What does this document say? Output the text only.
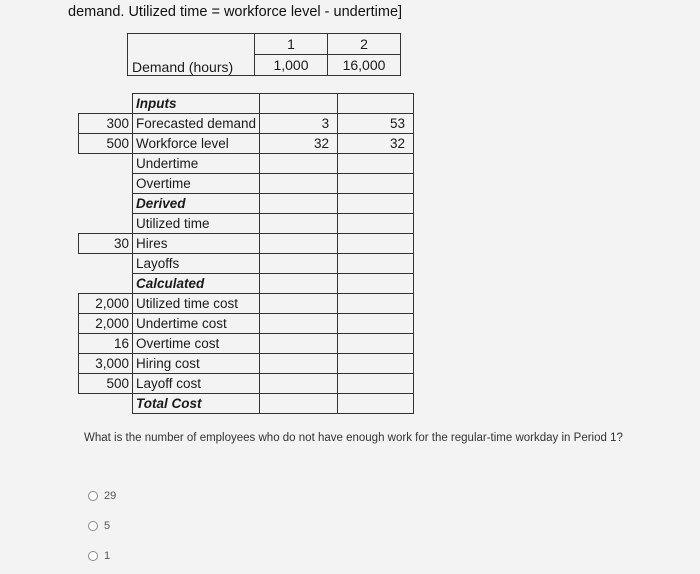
demand. Utilized time = workforce level - undertime]
	1	2
Demand (hours)	1,000	16,000
	Inputs		
300	Forecasted demand	3	53
500	Workforce level	32	32
	Undertime		
	Overtime		
	Derived		
	Utilized time		
30	Hires		
	Layoffs		
	Calculated		
2,000	Utilized time cost		
2,000	Undertime cost		
16	Overtime cost		
3,000	Hiring cost		
500	Layoff cost		
	Total Cost		
What is the number of employees who do not have enough work for the regular-time workday in Period 1?
29
5
1
